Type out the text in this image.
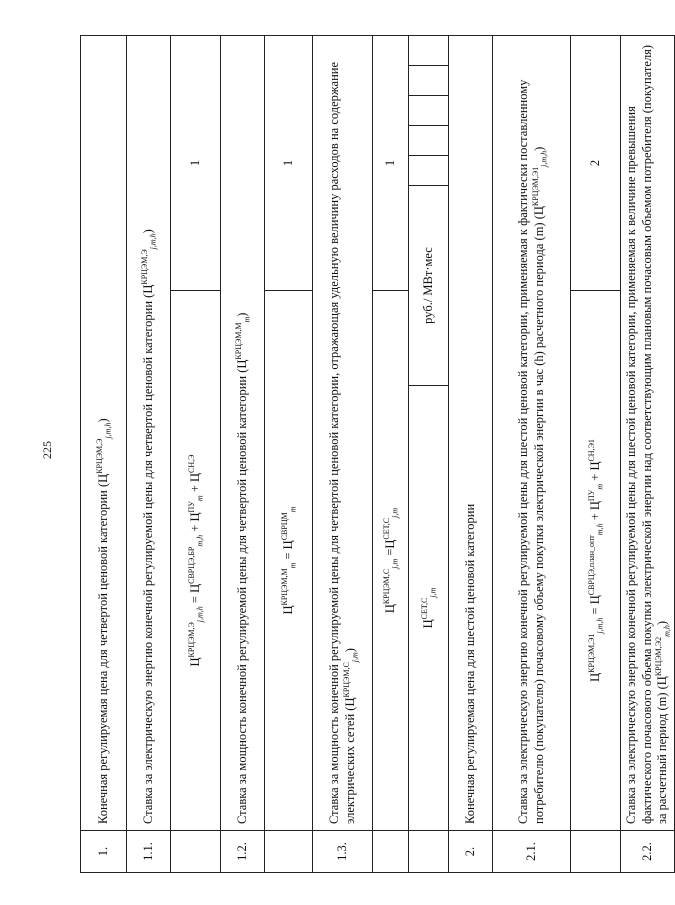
225
1.	Конечная регулируемая цена для четвертой ценовой категории $(Ц^{КРЦЭМ,Э}_{j,m,h})$							
1.1.	Ставка за электрическую энергию конечной регулируемой цены для четвертой ценовой категории $(Ц^{КРЦЭМ,Э}_{j,m,h})$							
	$Ц^{КРЦЭМ,Э}_{j,m,h} = Ц^{СВРЦЭ,БР}_{m,h} + Ц^{ПУ}_m + Ц^{СН,Э}$		1					
1.2.	Ставка за мощность конечной регулируемой цены для четвертой ценовой категории $(Ц^{КРЦЭМ,М}_m)$							
	$Ц^{КРЦЭМ,М}_m = Ц^{СВРЦМ}_m$		1					
1.3.	Ставка за мощность конечной регулируемой цены для четвертой ценовой категории, отражающая удельную величину расходов на содержание электрических сетей $(Ц^{КРЦЭМ,С}_{j,m})$							
	$Ц^{КРЦЭМ,С}_{j,m} =Ц^{СЕТ,С}_{j,m}$		1					
	$Ц^{СЕТ,С}_{j,m}$	руб./ МВт·мес					
2.	Конечная регулируемая цена для шестой ценовой категории							
2.1.	Ставка за электрическую энергию конечной регулируемой цены для шестой ценовой категории, применяемая к фактически поставленному потребителю (покупателю) почасовому объему покупки электрической энергии в час (h) расчетного периода (m) $(Ц^{КРЦЭМ,Э1}_{j,m,h})$							
	$Ц^{КРЦЭМ,Э1}_{j,m,h} = Ц^{СВРЦЭ,план\_опт}_{m,h} + Ц^{ПУ}_m + Ц^{СН,Э1}$		2					
2.2.	Ставка за электрическую энергию конечной регулируемой цены для шестой ценовой категории, применяемая к величине превышения фактического почасового объема покупки электрической энергии над соответствующим плановым почасовым объемом потребителя (покупателя) за расчетный период (m) $(Ц^{КРЦЭМ,Э2}_{m,h})$							
